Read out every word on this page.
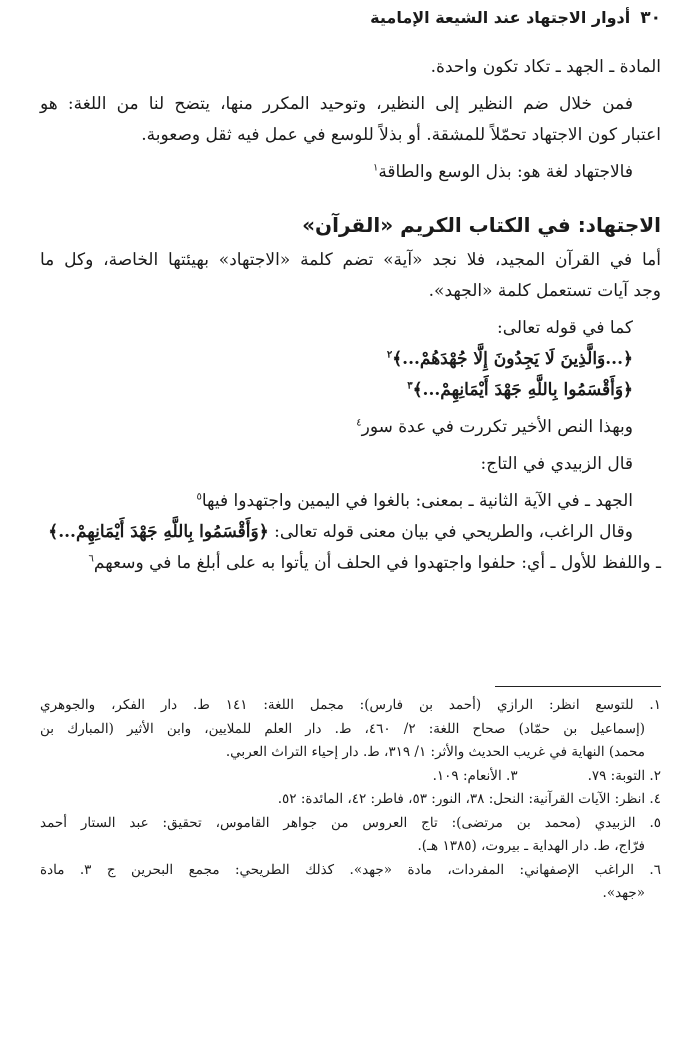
٣٠
أدوار الاجتهاد عند الشيعة الإمامية

المادة ـ الجهد ـ تكاد تكون واحدة.

فمن خلال ضم النظير إلى النظير، وتوحيد المكرر منها، يتضح لنا من اللغة: هو

اعتبار كون الاجتهاد تحمّلاً للمشقة. أو بذلاً للوسع في عمل فيه ثقل وصعوبة.

فالاجتهاد لغة هو: بذل الوسع والطاقة$^١$

الاجتهاد: في الكتاب الكريم «القرآن»

أما في القرآن المجيد، فلا نجد «آية» تضم كلمة «الاجتهاد» بهيئتها الخاصة، وكل ما

وجد آيات تستعمل كلمة «الجهد».

كما في قوله تعالى:

﴿...وَالَّذِينَ لَا يَجِدُونَ إِلَّا جُهْدَهُمْ...﴾$^٢$

﴿وَأَقْسَمُوا بِاللَّهِ جَهْدَ أَيْمَانِهِمْ...﴾$^٣$

وبهذا النص الأخير تكررت في عدة سور$^٤$

قال الزبيدي في التاج:

الجهد ـ في الآية الثانية ـ بمعنى: بالغوا في اليمين واجتهدوا فيها$^٥$

وقال الراغب، والطريحي في بيان معنى قوله تعالى: ﴿وَأَقْسَمُوا بِاللَّهِ جَهْدَ أَيْمَانِهِمْ...﴾

ـ واللفظ للأول ـ أي: حلفوا واجتهدوا في الحلف أن يأتوا به على أبلغ ما في وسعهم$^٦$

١. للتوسع انظر: الرازي (أحمد بن فارس): مجمل اللغة: ١٤١ ط. دار الفكر، والجوهري

(إسماعيل بن حمّاد) صحاح اللغة: ٢/ ٤٦٠، ط. دار العلم للملايين، وابن الأثير (المبارك بن

محمد) النهاية في غريب الحديث والأثر: ١/ ٣١٩، ط. دار إحياء التراث العربي.

٢. التوبة: ٧٩.
٣. الأنعام: ١٠٩.

٤. انظر: الآيات القرآنية: النحل: ٣٨، النور: ٥٣، فاطر: ٤٢، المائدة: ٥٢.

٥. الزبيدي (محمد بن مرتضى): تاج العروس من جواهر القاموس، تحقيق: عبد الستار أحمد

فرّاج، ط. دار الهداية ـ بيروت، (١٣٨٥ هـ).

٦. الراغب الإصفهاني: المفردات، مادة «جهد». كذلك الطريحي: مجمع البحرين ج ٣. مادة

«جهد».
